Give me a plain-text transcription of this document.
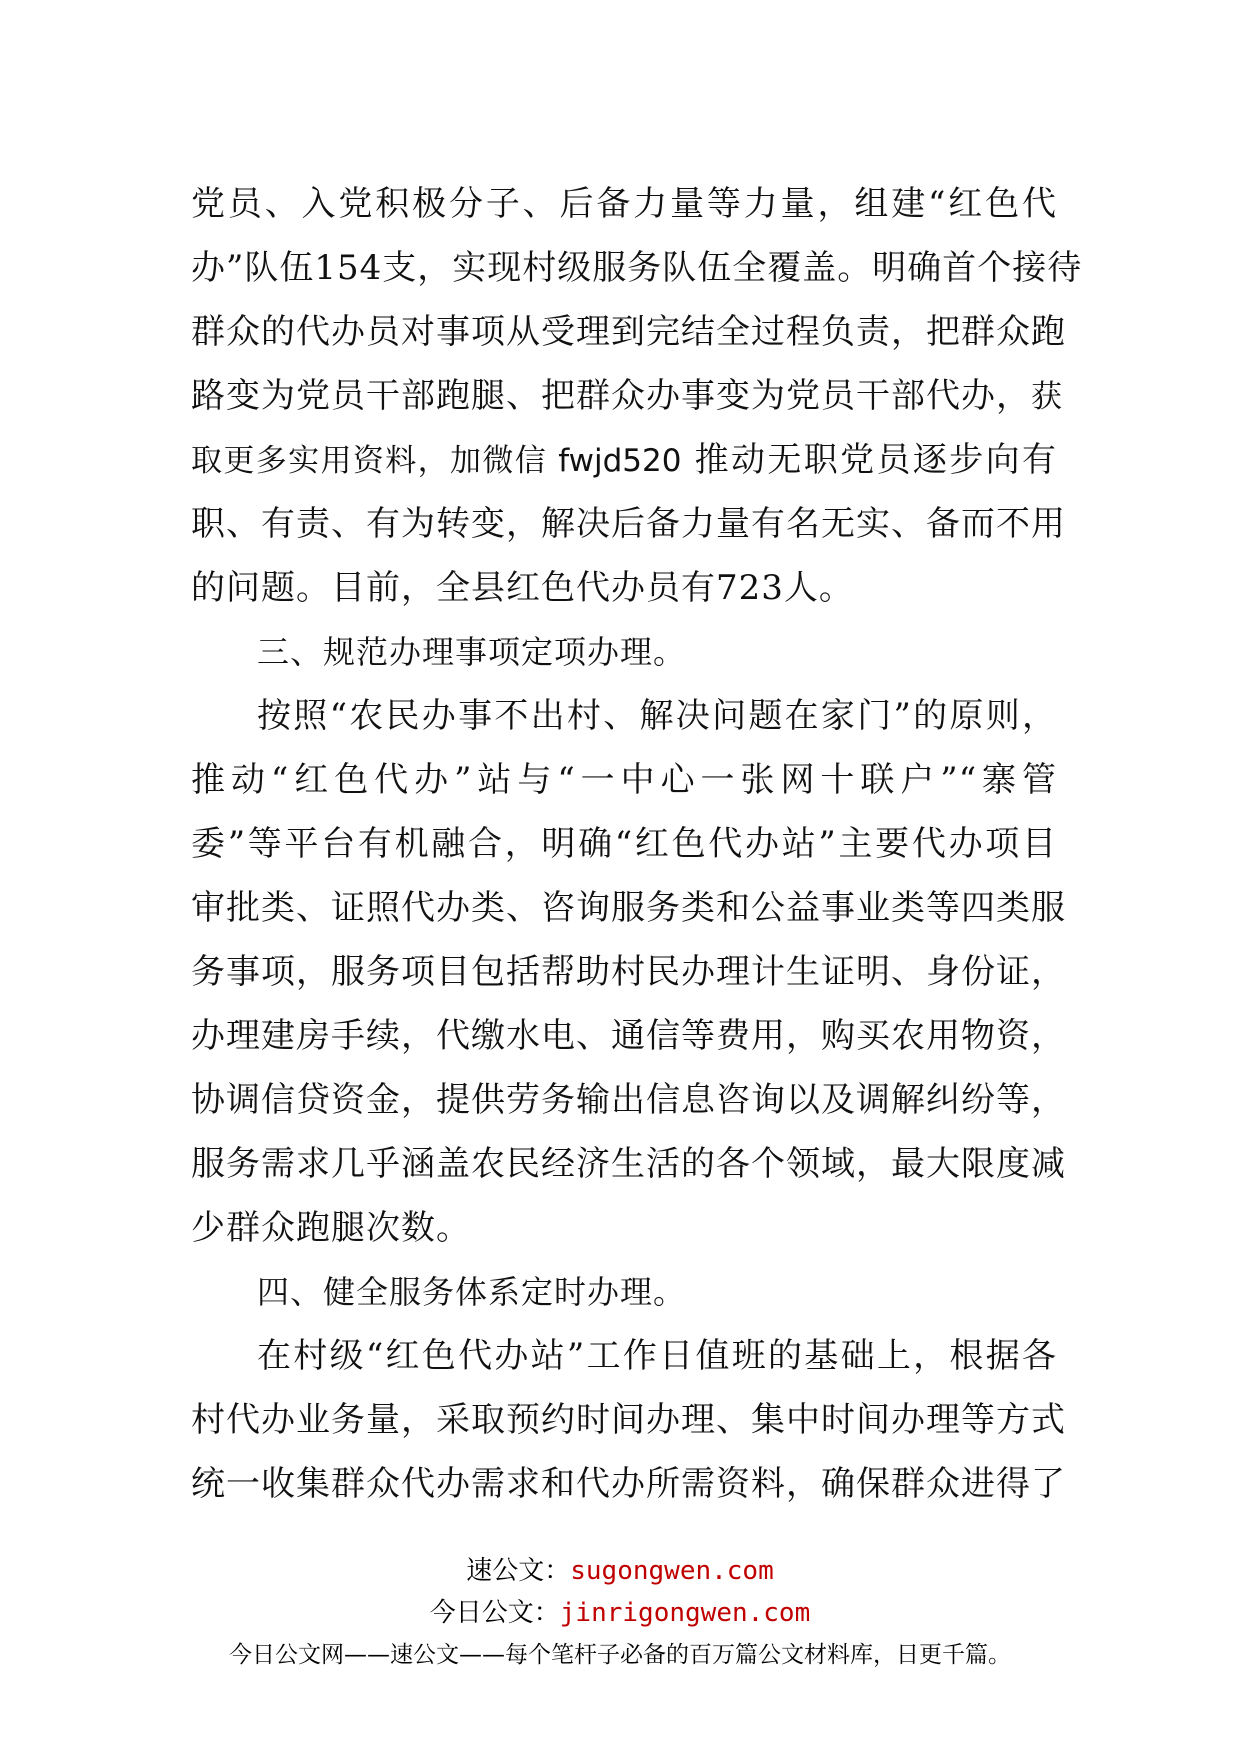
党员、入党积极分子、后备力量等力量，组建“红色代
办”队伍154支，实现村级服务队伍全覆盖。明确首个接待
群众的代办员对事项从受理到完结全过程负责，把群众跑
路变为党员干部跑腿、把群众办事变为党员干部代办，获
取更多实用资料，加微信 fwjd520 推动无职党员逐步向有
职、有责、有为转变，解决后备力量有名无实、备而不用
的问题。目前，全县红色代办员有723人。
三、规范办理事项定项办理。
按照“农民办事不出村、解决问题在家门”的原则，
推动“红色代办”站与“一中心一张网十联户”“寨管
委”等平台有机融合，明确“红色代办站”主要代办项目
审批类、证照代办类、咨询服务类和公益事业类等四类服
务事项，服务项目包括帮助村民办理计生证明、身份证，
办理建房手续，代缴水电、通信等费用，购买农用物资，
协调信贷资金，提供劳务输出信息咨询以及调解纠纷等，
服务需求几乎涵盖农民经济生活的各个领域，最大限度减
少群众跑腿次数。
四、健全服务体系定时办理。
在村级“红色代办站”工作日值班的基础上，根据各
村代办业务量，采取预约时间办理、集中时间办理等方式
统一收集群众代办需求和代办所需资料，确保群众进得了
速公文：sugongwen.com
今日公文：jinrigongwen.com
今日公文网——速公文——每个笔杆子必备的百万篇公文材料库，日更千篇。
